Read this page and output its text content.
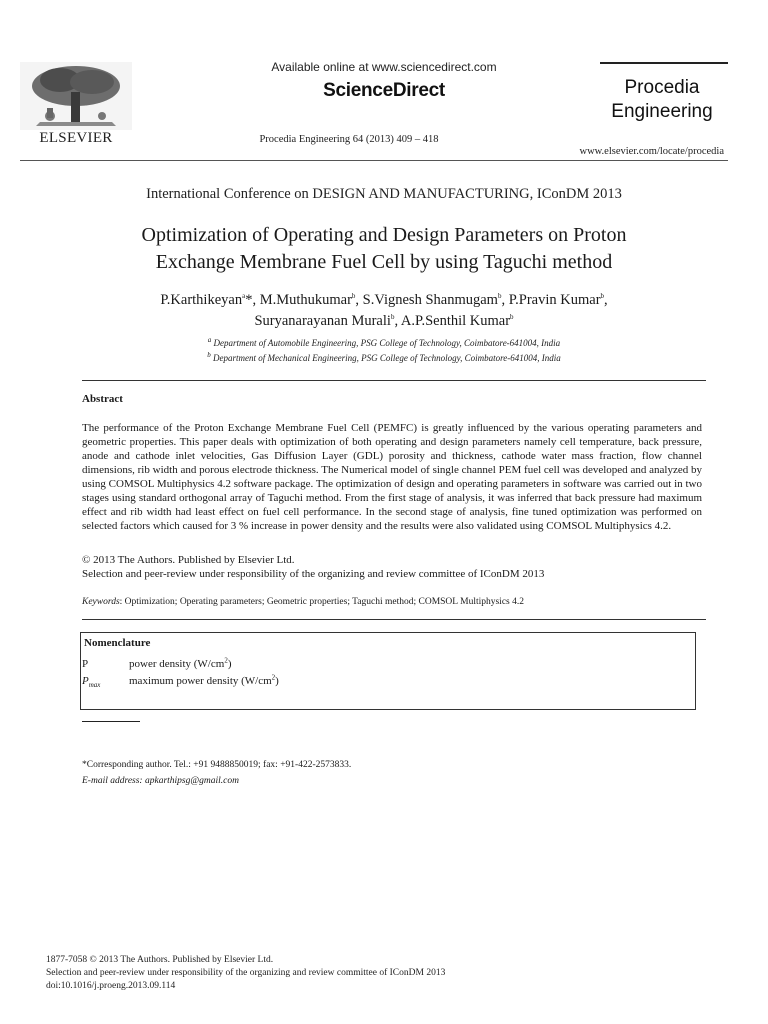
ELSEVIER
Available online at www.sciencedirect.com
ScienceDirect
Procedia Engineering 64 (2013) 409 – 418
Procedia
Engineering
www.elsevier.com/locate/procedia
International Conference on DESIGN AND MANUFACTURING, IConDM 2013
Optimization of Operating and Design Parameters on Proton
Exchange Membrane Fuel Cell by using Taguchi method
P.Karthikeyan$^a$*, M.Muthukumar$^b$, S.Vignesh Shanmugam$^b$, P.Pravin Kumar$^b$,
Suryanarayanan Murali$^b$, A.P.Senthil Kumar$^b$
$^a$ Department of Automobile Engineering, PSG College of Technology, Coimbatore-641004, India
$^b$ Department of Mechanical Engineering, PSG College of Technology, Coimbatore-641004, India
Abstract
The performance of the Proton Exchange Membrane Fuel Cell (PEMFC) is greatly influenced by the various operating parameters and geometric properties. This paper deals with optimization of both operating and design parameters namely cell temperature, back pressure, anode and cathode inlet velocities, Gas Diffusion Layer (GDL) porosity and thickness, cathode water mass fraction, flow channel dimensions, rib width and porous electrode thickness. The Numerical model of single channel PEM fuel cell was developed and analyzed by using COMSOL Multiphysics 4.2 software package. The optimization of design and operating parameters in software was carried out in two stages using standard orthogonal array of Taguchi method. From the first stage of analysis, it was inferred that back pressure had maximum effect and rib width had least effect on fuel cell performance. In the second stage of analysis, fine tuned optimization was performed on selected factors which caused for 3 % increase in power density and the results were also validated using COMSOL Multiphysics 4.2.
© 2013 The Authors. Published by Elsevier Ltd.
Selection and peer-review under responsibility of the organizing and review committee of IConDM 2013
Keywords: Optimization; Operating parameters; Geometric properties; Taguchi method; COMSOL Multiphysics 4.2
Nomenclature
P	power density $(W/cm^2)$
$P_{max}$	maximum power density $(W/cm^2)$
*Corresponding author. Tel.: +91 9488850019; fax: +91-422-2573833.
E-mail address: apkarthipsg@gmail.com
1877-7058 © 2013 The Authors. Published by Elsevier Ltd.
Selection and peer-review under responsibility of the organizing and review committee of IConDM 2013
doi:10.1016/j.proeng.2013.09.114
